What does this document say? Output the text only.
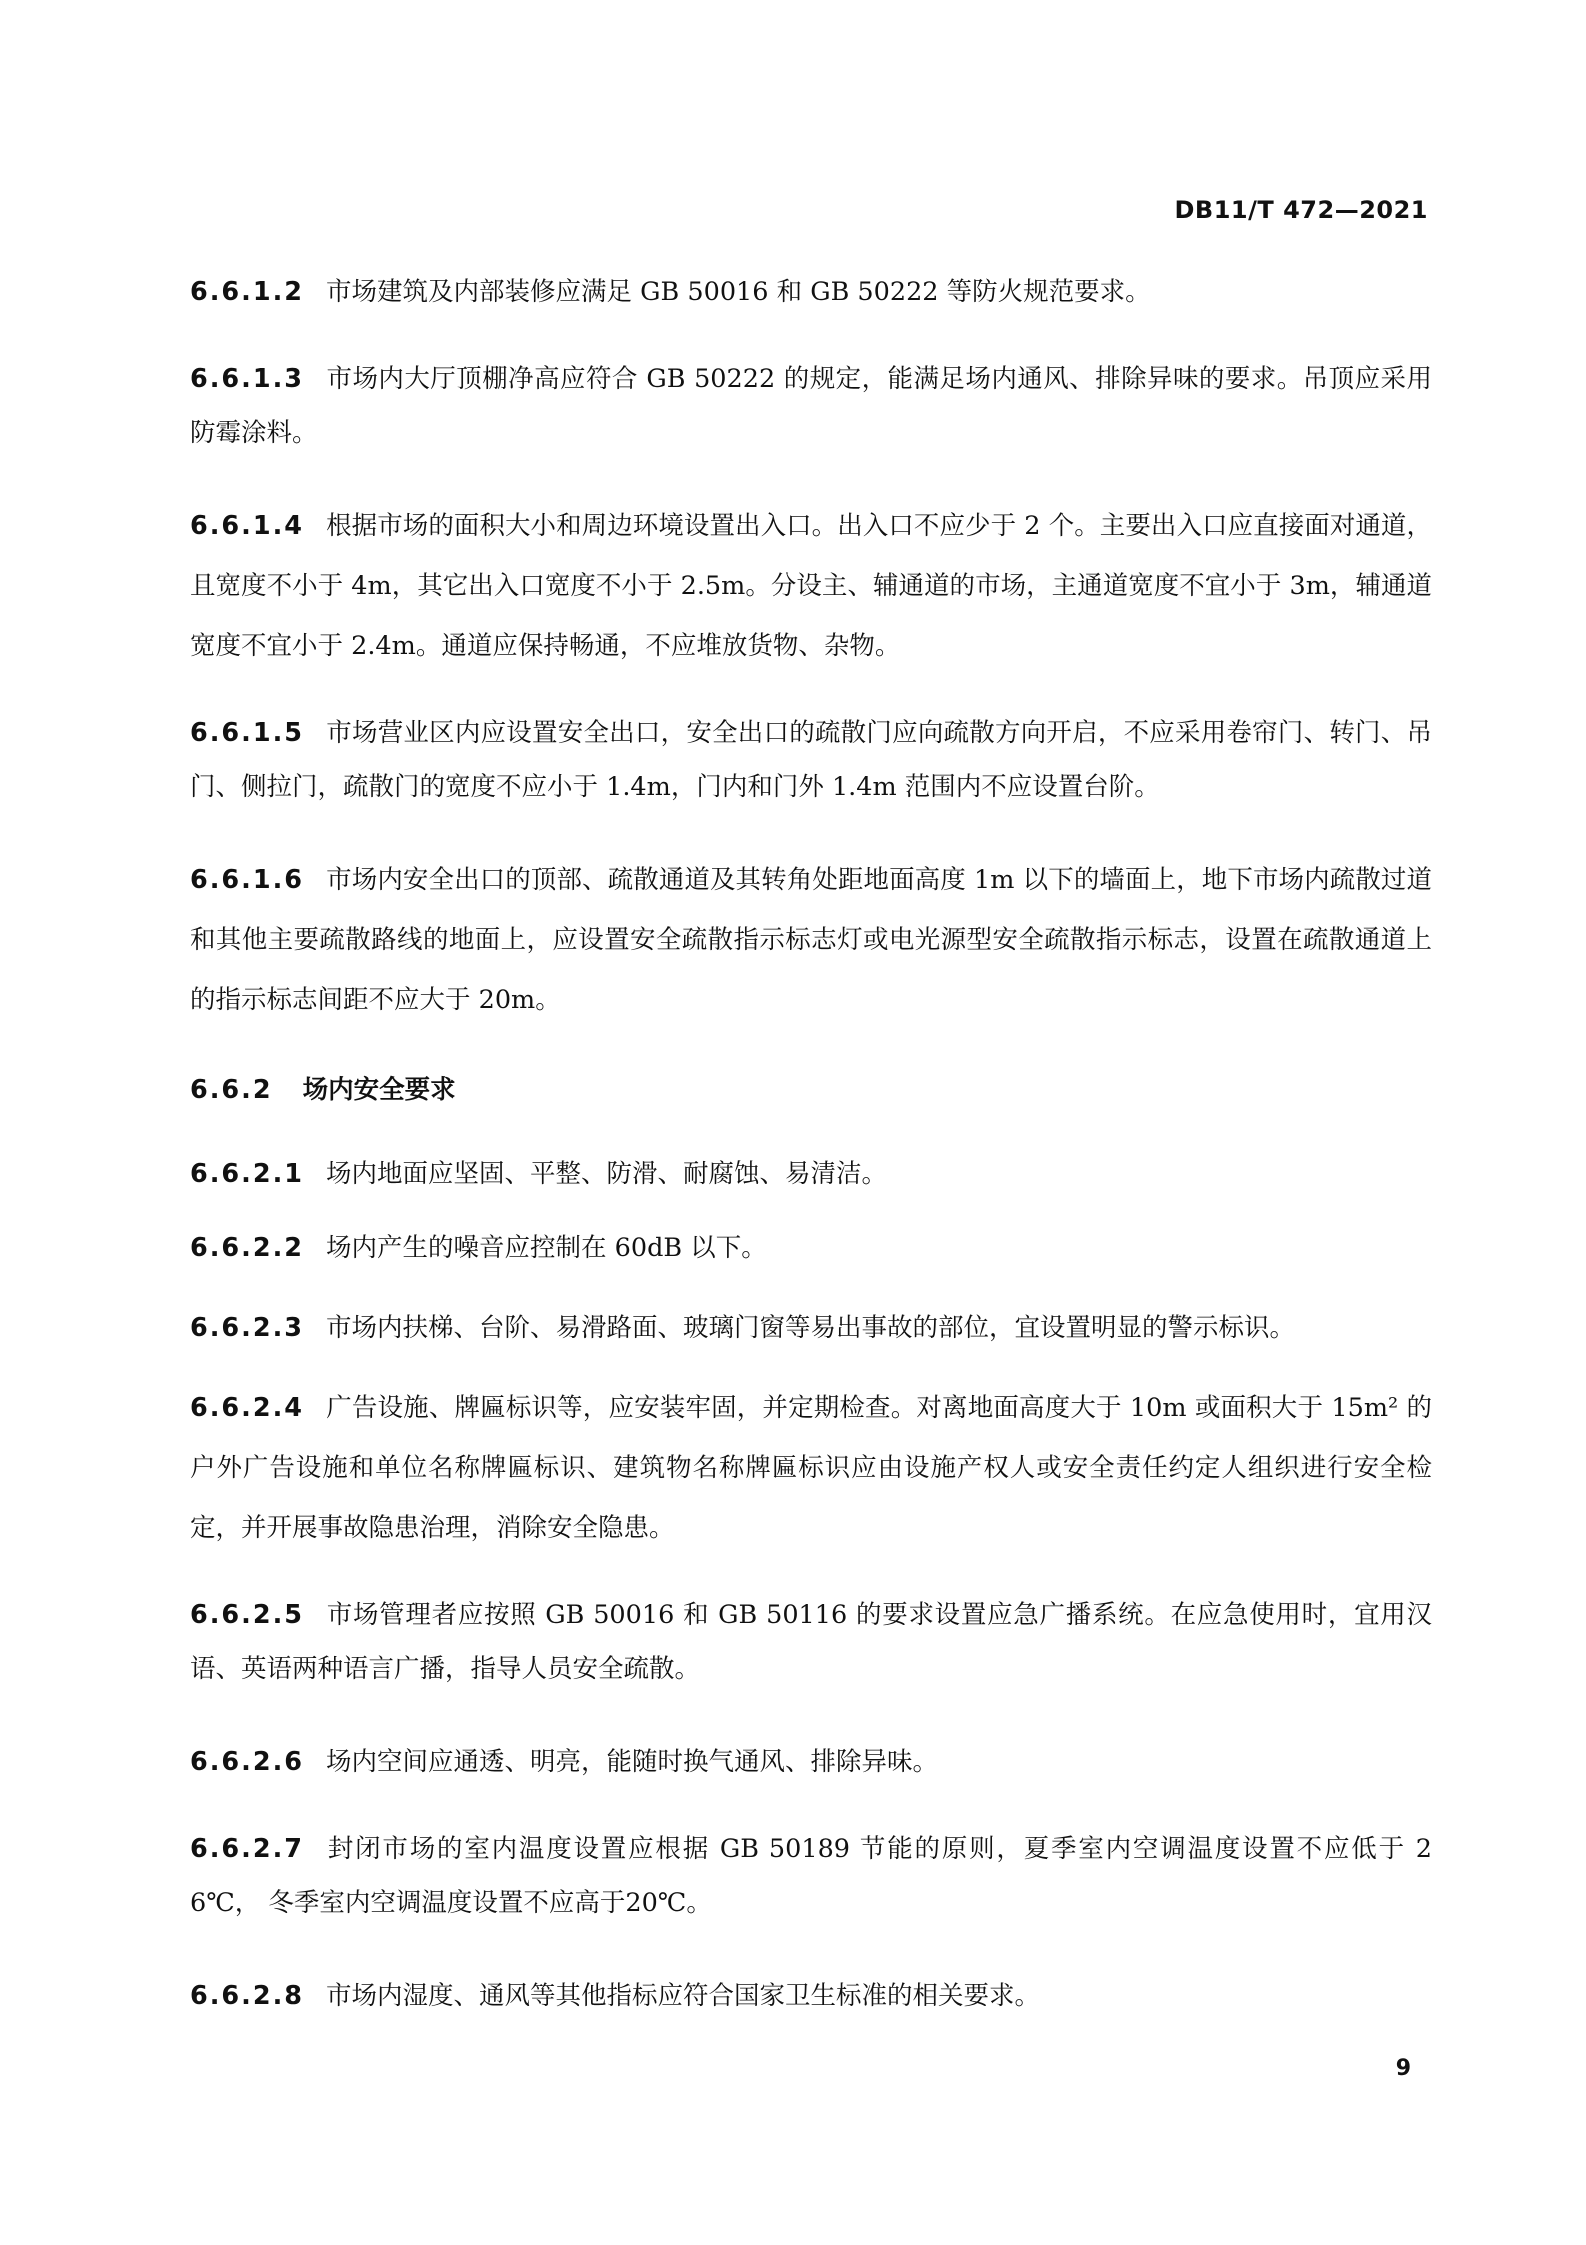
DB11/T 472—2021

6.6.1.2 市场建筑及内部装修应满足 GB 50016 和 GB 50222 等防火规范要求。

6.6.1.3 市场内大厅顶棚净高应符合 GB 50222 的规定，能满足场内通风、排除异味的要求。吊顶应采用防霉涂料。

6.6.1.4 根据市场的面积大小和周边环境设置出入口。出入口不应少于 2 个。主要出入口应直接面对通道，且宽度不小于 4m，其它出入口宽度不小于 2.5m。分设主、辅通道的市场，主通道宽度不宜小于 3m，辅通道宽度不宜小于 2.4m。通道应保持畅通，不应堆放货物、杂物。

6.6.1.5 市场营业区内应设置安全出口，安全出口的疏散门应向疏散方向开启，不应采用卷帘门、转门、吊门、侧拉门，疏散门的宽度不应小于 1.4m，门内和门外 1.4m 范围内不应设置台阶。

6.6.1.6 市场内安全出口的顶部、疏散通道及其转角处距地面高度 1m 以下的墙面上，地下市场内疏散过道和其他主要疏散路线的地面上，应设置安全疏散指示标志灯或电光源型安全疏散指示标志，设置在疏散通道上的指示标志间距不应大于 20m。

6.6.2 场内安全要求

6.6.2.1 场内地面应坚固、平整、防滑、耐腐蚀、易清洁。

6.6.2.2 场内产生的噪音应控制在 60dB 以下。

6.6.2.3 市场内扶梯、台阶、易滑路面、玻璃门窗等易出事故的部位，宜设置明显的警示标识。

6.6.2.4 广告设施、牌匾标识等，应安装牢固，并定期检查。对离地面高度大于 10m 或面积大于 15m² 的户外广告设施和单位名称牌匾标识、建筑物名称牌匾标识应由设施产权人或安全责任约定人组织进行安全检定，并开展事故隐患治理，消除安全隐患。

6.6.2.5 市场管理者应按照 GB 50016 和 GB 50116 的要求设置应急广播系统。在应急使用时，宜用汉语、英语两种语言广播，指导人员安全疏散。

6.6.2.6 场内空间应通透、明亮，能随时换气通风、排除异味。

6.6.2.7 封闭市场的室内温度设置应根据 GB 50189 节能的原则，夏季室内空调温度设置不应低于 26℃， 冬季室内空调温度设置不应高于20℃。

6.6.2.8 市场内湿度、通风等其他指标应符合国家卫生标准的相关要求。

9
